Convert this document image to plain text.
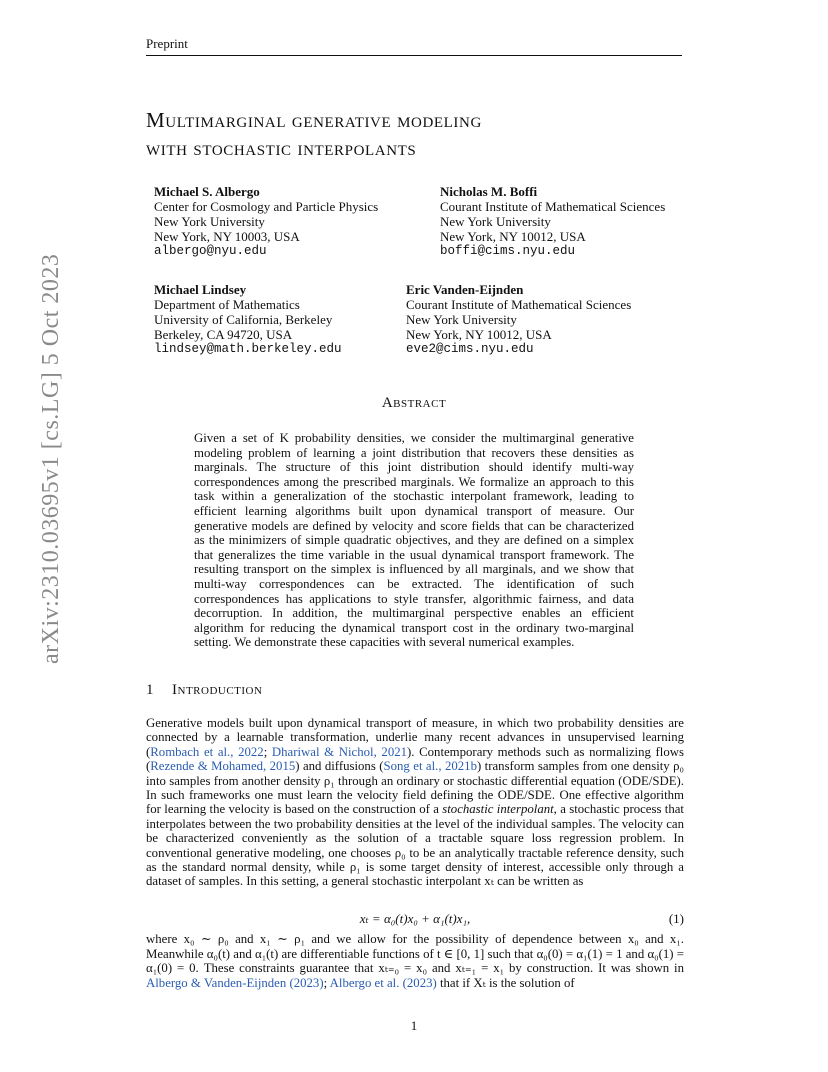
Preprint
arXiv:2310.03695v1 [cs.LG] 5 Oct 2023
Multimarginal generative modeling
with stochastic interpolants
Michael S. Albergo
Center for Cosmology and Particle Physics
New York University
New York, NY 10003, USA
albergo@nyu.edu
Nicholas M. Boffi
Courant Institute of Mathematical Sciences
New York University
New York, NY 10012, USA
boffi@cims.nyu.edu
Michael Lindsey
Department of Mathematics
University of California, Berkeley
Berkeley, CA 94720, USA
lindsey@math.berkeley.edu
Eric Vanden-Eijnden
Courant Institute of Mathematical Sciences
New York University
New York, NY 10012, USA
eve2@cims.nyu.edu
Abstract
Given a set of K probability densities, we consider the multimarginal generative modeling problem of learning a joint distribution that recovers these densities as marginals. The structure of this joint distribution should identify multi-way correspondences among the prescribed marginals. We formalize an approach to this task within a generalization of the stochastic interpolant framework, leading to efficient learning algorithms built upon dynamical transport of measure. Our generative models are defined by velocity and score fields that can be characterized as the minimizers of simple quadratic objectives, and they are defined on a simplex that generalizes the time variable in the usual dynamical transport framework. The resulting transport on the simplex is influenced by all marginals, and we show that multi-way correspondences can be extracted. The identification of such correspondences has applications to style transfer, algorithmic fairness, and data decorruption. In addition, the multimarginal perspective enables an efficient algorithm for reducing the dynamical transport cost in the ordinary two-marginal setting. We demonstrate these capacities with several numerical examples.
1 Introduction
Generative models built upon dynamical transport of measure, in which two probability densities are connected by a learnable transformation, underlie many recent advances in unsupervised learning (Rombach et al., 2022; Dhariwal & Nichol, 2021). Contemporary methods such as normalizing flows (Rezende & Mohamed, 2015) and diffusions (Song et al., 2021b) transform samples from one density ρ₀ into samples from another density ρ₁ through an ordinary or stochastic differential equation (ODE/SDE). In such frameworks one must learn the velocity field defining the ODE/SDE. One effective algorithm for learning the velocity is based on the construction of a stochastic interpolant, a stochastic process that interpolates between the two probability densities at the level of the individual samples. The velocity can be characterized conveniently as the solution of a tractable square loss regression problem. In conventional generative modeling, one chooses ρ₀ to be an analytically tractable reference density, such as the standard normal density, while ρ₁ is some target density of interest, accessible only through a dataset of samples. In this setting, a general stochastic interpolant xₜ can be written as
xₜ = α₀(t)x₀ + α₁(t)x₁,	(1)
where x₀ ∼ ρ₀ and x₁ ∼ ρ₁ and we allow for the possibility of dependence between x₀ and x₁. Meanwhile α₀(t) and α₁(t) are differentiable functions of t ∈ [0, 1] such that α₀(0) = α₁(1) = 1 and α₀(1) = α₁(0) = 0. These constraints guarantee that xₜ₌₀ = x₀ and xₜ₌₁ = x₁ by construction. It was shown in Albergo & Vanden-Eijnden (2023); Albergo et al. (2023) that if Xₜ is the solution of
1
